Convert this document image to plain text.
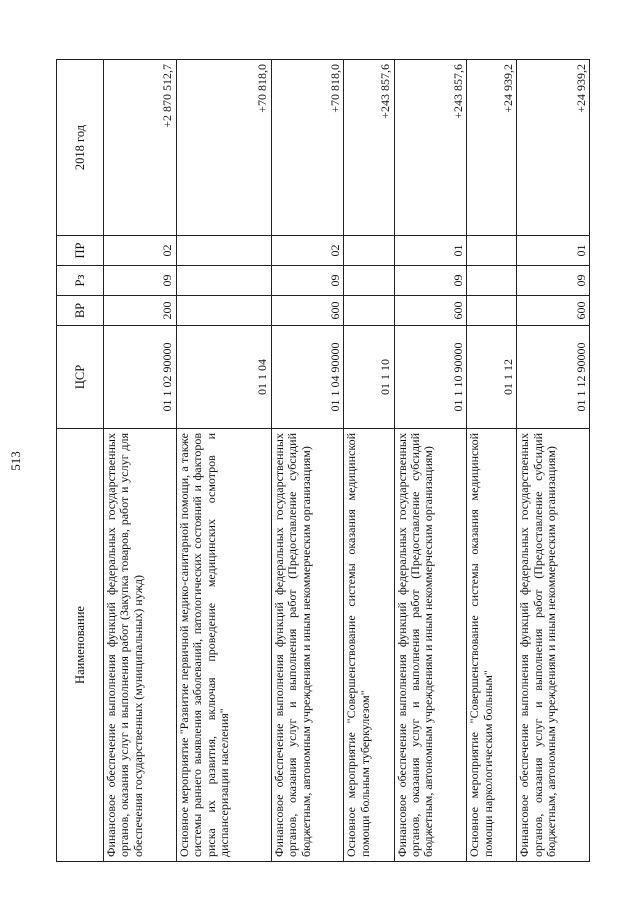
513
Наименование	ЦСР	ВР	Рз	ПР	2018 год
Финансовое обеспечение выполнения функций федеральных государственных органов, оказания услуг и выполнения работ (Закупка товаров, работ и услуг для обеспечения государственных (муниципальных) нужд)	01 1 02 90000	200	09	02	+2 870 512,7
Основное мероприятие "Развитие первичной медико-санитарной помощи, а также системы раннего выявления заболеваний, патологических состояний и факторов риска их развития, включая проведение медицинских осмотров и диспансеризации населения"	01 1 04				+70 818,0
Финансовое обеспечение выполнения функций федеральных государственных органов, оказания услуг и выполнения работ (Предоставление субсидий бюджетным, автономным учреждениям и иным некоммерческим организациям)	01 1 04 90000	600	09	02	+70 818,0
Основное мероприятие "Совершенствование системы оказания медицинской помощи больным туберкулезом"	01 1 10				+243 857,6
Финансовое обеспечение выполнения функций федеральных государственных органов, оказания услуг и выполнения работ (Предоставление субсидий бюджетным, автономным учреждениям и иным некоммерческим организациям)	01 1 10 90000	600	09	01	+243 857,6
Основное мероприятие "Совершенствование системы оказания медицинской помощи наркологическим больным"	01 1 12				+24 939,2
Финансовое обеспечение выполнения функций федеральных государственных органов, оказания услуг и выполнения работ (Предоставление субсидий бюджетным, автономным учреждениям и иным некоммерческим организациям)	01 1 12 90000	600	09	01	+24 939,2
